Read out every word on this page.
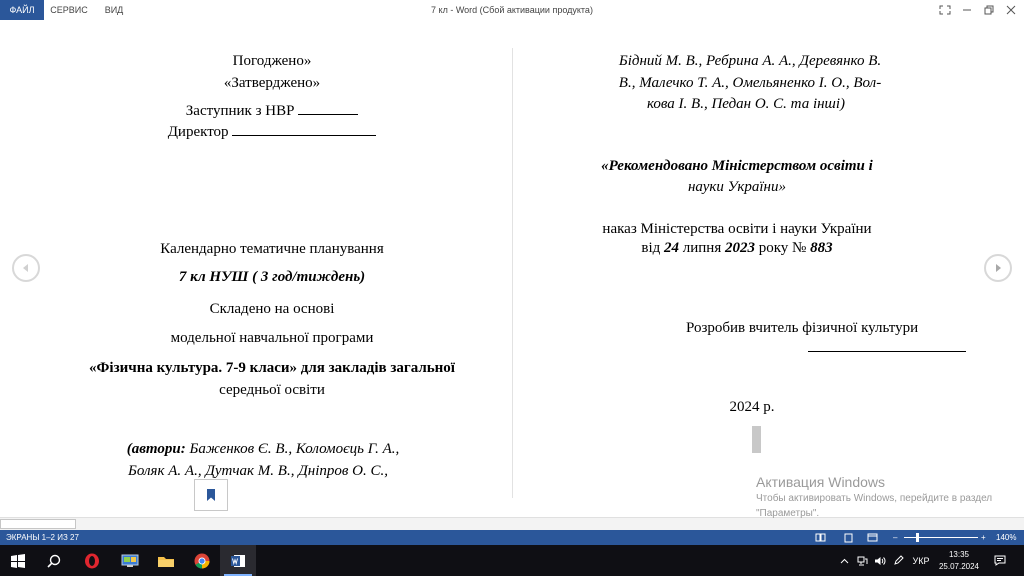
ФАЙЛ	СЕРВИС	ВИД	7 кл - Word (Сбой активации продукта)
Погоджено»
«Затверджено»
Заступник з НВР
Директор
Календарно тематичне планування
7 кл НУШ ( 3 год/тиждень)
Складено на основі
модельної навчальної програми
«Фізична культура. 7-9 класи» для закладів загальної
середньої освіти
(автори: Баженков Є. В., Коломоєць Г. А.,
Боляк А. А., Дутчак М. В., Дніпров О. С.,
Бідний М. В., Ребрина А. А., Деревянко В.
В., Малечко Т. А., Омельяненко І. О., Вол-
кова І. В., Педан О. С. та інші)
«Рекомендовано Міністерством освіти і
науки України»
наказ Міністерства освіти і науки України
від 24 липня 2023 року № 883
Розробив вчитель фізичної культури
2024 р.
Активация Windows
Чтобы активировать Windows, перейдите в раздел "Параметры".
ЭКРАНЫ 1–2 ИЗ 27	–	+ 140%
УКР
13:35
25.07.2024
